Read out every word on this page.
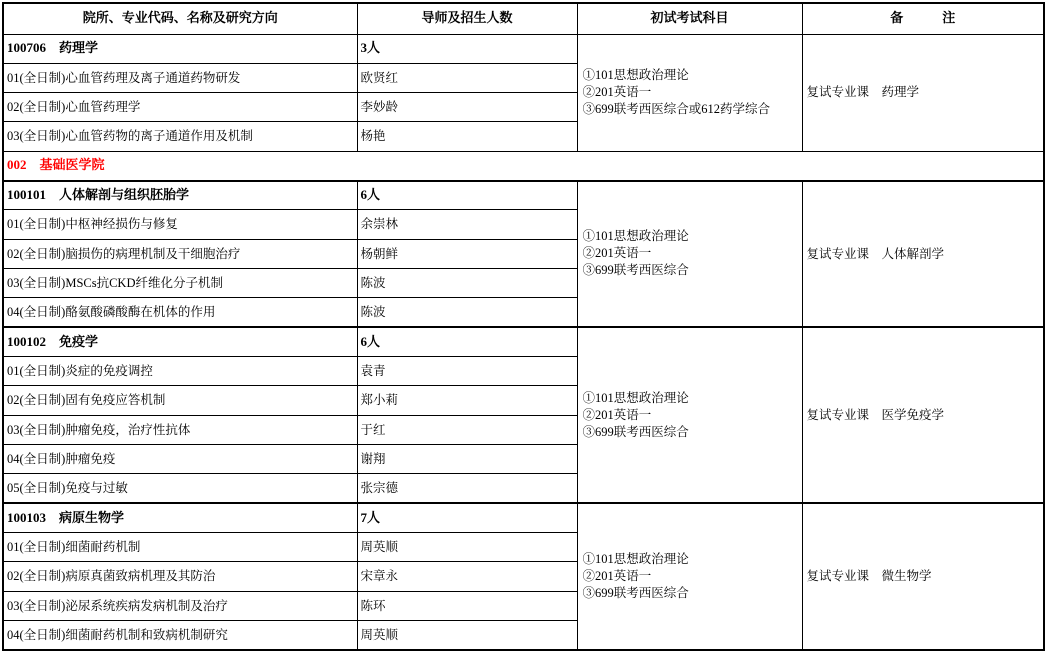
院所、专业代码、名称及研究方向	导师及招生人数	初试考试科目	备　　　注
100706　药理学	3人	①101思想政治理论
②201英语一
③699联考西医综合或612药学综合	复试专业课　药理学
01(全日制)心血管药理及离子通道药物研发	欧贤红		
02(全日制)心血管药理学	李妙龄		
03(全日制)心血管药物的离子通道作用及机制	杨艳		
002　基础医学院			
100101　人体解剖与组织胚胎学	6人	①101思想政治理论
②201英语一
③699联考西医综合	复试专业课　人体解剖学
01(全日制)中枢神经损伤与修复	余崇林		
02(全日制)脑损伤的病理机制及干细胞治疗	杨朝鲜		
03(全日制)MSCs抗CKD纤维化分子机制	陈波		
04(全日制)酪氨酸磷酸酶在机体的作用	陈波		
100102　免疫学	6人	①101思想政治理论
②201英语一
③699联考西医综合	复试专业课　医学免疫学
01(全日制)炎症的免疫调控	袁青		
02(全日制)固有免疫应答机制	郑小莉		
03(全日制)肿瘤免疫，治疗性抗体	于红		
04(全日制)肿瘤免疫	谢翔		
05(全日制)免疫与过敏	张宗德		
100103　病原生物学	7人	①101思想政治理论
②201英语一
③699联考西医综合	复试专业课　微生物学
01(全日制)细菌耐药机制	周英顺		
02(全日制)病原真菌致病机理及其防治	宋章永		
03(全日制)泌尿系统疾病发病机制及治疗	陈环		
04(全日制)细菌耐药机制和致病机制研究	周英顺		
